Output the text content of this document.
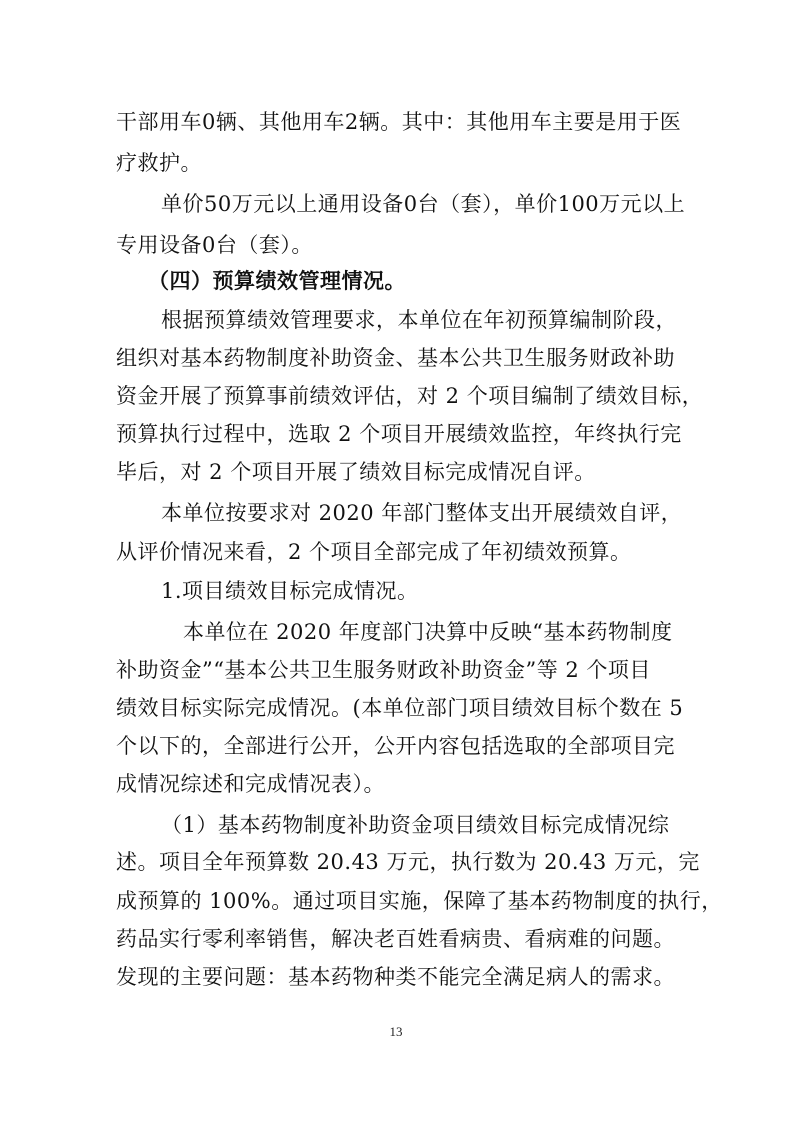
干部用车0辆、其他用车2辆。其中：其他用车主要是用于医
疗救护。
单价50万元以上通用设备0台（套），单价100万元以上
专用设备0台（套）。
（四）预算绩效管理情况。
根据预算绩效管理要求，本单位在年初预算编制阶段，
组织对基本药物制度补助资金、基本公共卫生服务财政补助
资金开展了预算事前绩效评估，对 2 个项目编制了绩效目标，
预算执行过程中，选取 2 个项目开展绩效监控，年终执行完
毕后，对 2 个项目开展了绩效目标完成情况自评。
本单位按要求对 2020 年部门整体支出开展绩效自评，
从评价情况来看，2 个项目全部完成了年初绩效预算。
1.项目绩效目标完成情况。
本单位在 2020 年度部门决算中反映“基本药物制度
补助资金”“基本公共卫生服务财政补助资金”等 2 个项目
绩效目标实际完成情况。(本单位部门项目绩效目标个数在 5
个以下的，全部进行公开，公开内容包括选取的全部项目完
成情况综述和完成情况表）。
（1）基本药物制度补助资金项目绩效目标完成情况综
述。项目全年预算数 20.43 万元，执行数为 20.43 万元，完
成预算的 100%。通过项目实施，保障了基本药物制度的执行，
药品实行零利率销售，解决老百姓看病贵、看病难的问题。
发现的主要问题：基本药物种类不能完全满足病人的需求。
13
